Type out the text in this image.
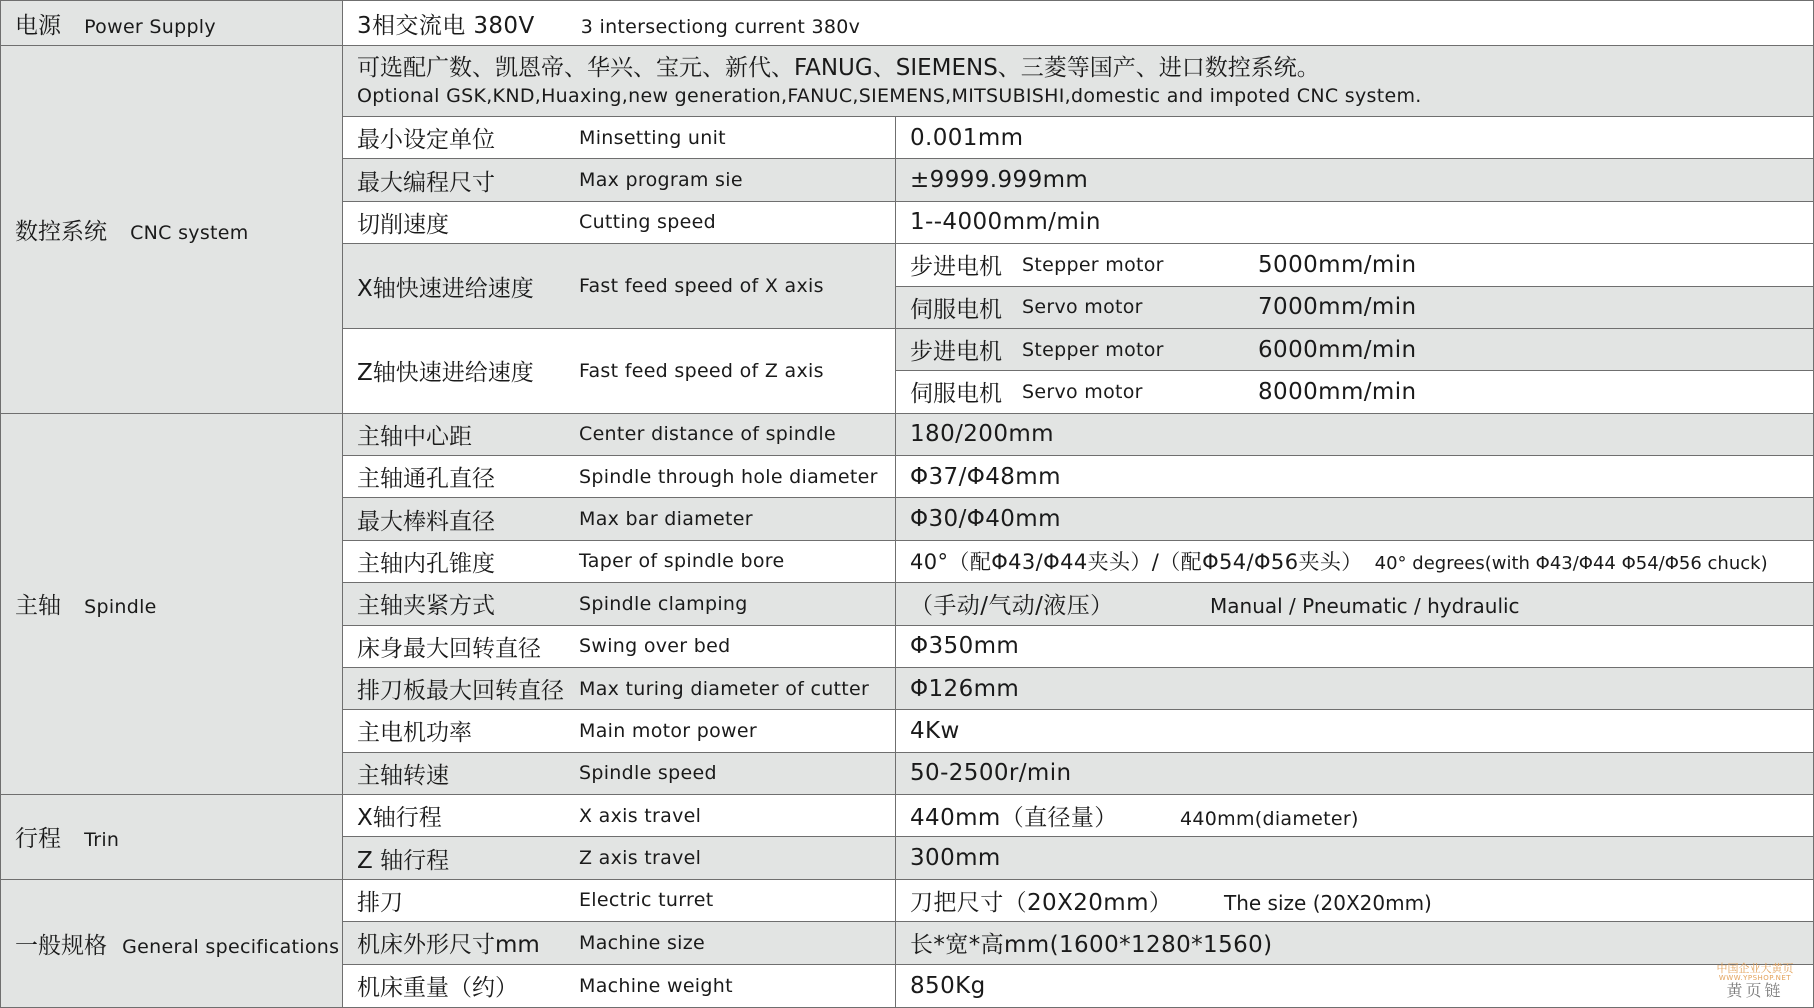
电源 Power Supply	3相交流电 380V 3 intersectiong current 380v	
数控系统 CNC system	可选配广数、凯恩帝、华兴、宝元、新代、FANUG、SIEMENS、三菱等国产、进口数控系统。
Optional GSK,KND,Huaxing,new generation,FANUC,SIEMENS,MITSUBISHI,domestic and impoted CNC system.	

	最小设定单位 Minsetting unit	0.001mm

	最大编程尺寸 Max program sie	±9999.999mm

	切削速度 Cutting speed	1--4000mm/min

	X轴快速进给速度 Fast feed speed of X axis	步进电机 Stepper motor 5000mm/min

		伺服电机 Servo motor 7000mm/min

	Z轴快速进给速度 Fast feed speed of Z axis	步进电机 Stepper motor 6000mm/min

		伺服电机 Servo motor 8000mm/min

主轴 Spindle	主轴中心距 Center distance of spindle	180/200mm

	主轴通孔直径 Spindle through hole diameter	Φ37/Φ48mm

	最大棒料直径 Max bar diameter	Φ30/Φ40mm

	主轴内孔锥度 Taper of spindle bore	40°（配Φ43/Φ44夹头）/（配Φ54/Φ56夹头） 40° degrees(with Φ43/Φ44 Φ54/Φ56 chuck)

	主轴夹紧方式 Spindle clamping	（手动/气动/液压） Manual / Pneumatic / hydraulic

	床身最大回转直径 Swing over bed	Φ350mm

	排刀板最大回转直径 Max turing diameter of cutter	Φ126mm

	主电机功率 Main motor power	4Kw

	主轴转速 Spindle speed	50-2500r/min
行程 Trin	X轴行程 X axis travel	440mm（直径量） 440mm(diameter)

	Z 轴行程 Z axis travel	300mm
一般规格 General specifications	排刀 Electric turret	刀把尺寸（20X20mm） The size (20X20mm)

	机床外形尺寸mm Machine size	长*宽*高mm(1600*1280*1560)

	机床重量（约） Machine weight	850Kg
中国企业大黄页
WWW.YPSHOP.NET
黄页链
